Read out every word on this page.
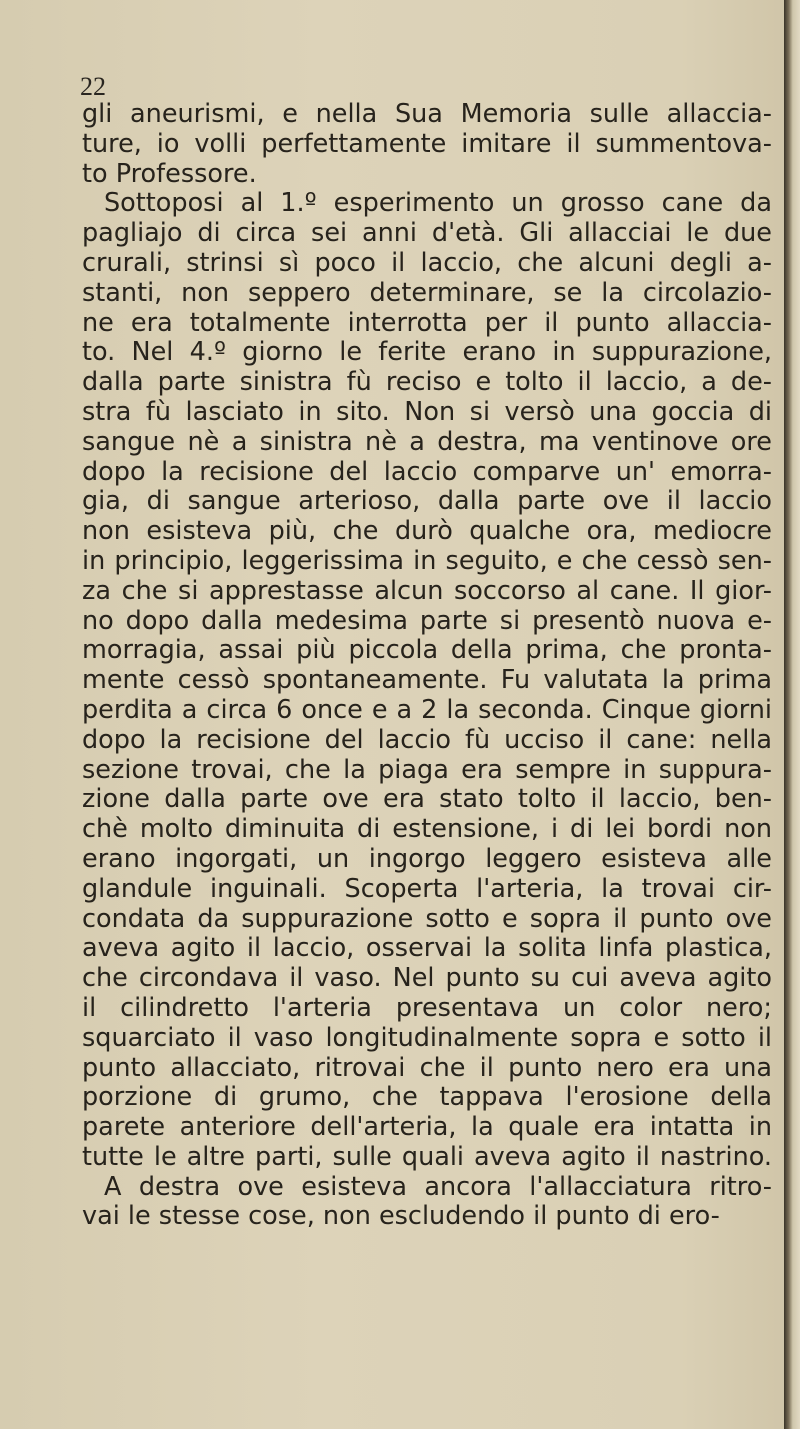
22
gli aneurismi, e nella Sua Memoria sulle allaccia-
ture, io volli perfettamente imitare il summentova-
to Professore.
Sottoposi al 1.º esperimento un grosso cane da
pagliajo di circa sei anni d'età. Gli allacciai le due
crurali, strinsi sì poco il laccio, che alcuni degli a-
stanti, non seppero determinare, se la circolazio-
ne era totalmente interrotta per il punto allaccia-
to. Nel 4.º giorno le ferite erano in suppurazione,
dalla parte sinistra fù reciso e tolto il laccio, a de-
stra fù lasciato in sito. Non si versò una goccia di
sangue nè a sinistra nè a destra, ma ventinove ore
dopo la recisione del laccio comparve un' emorra-
gia, di sangue arterioso, dalla parte ove il laccio
non esisteva più, che durò qualche ora, mediocre
in principio, leggerissima in seguito, e che cessò sen-
za che si apprestasse alcun soccorso al cane. Il gior-
no dopo dalla medesima parte si presentò nuova e-
morragia, assai più piccola della prima, che pronta-
mente cessò spontaneamente. Fu valutata la prima
perdita a circa 6 once e a 2 la seconda. Cinque giorni
dopo la recisione del laccio fù ucciso il cane: nella
sezione trovai, che la piaga era sempre in suppura-
zione dalla parte ove era stato tolto il laccio, ben-
chè molto diminuita di estensione, i di lei bordi non
erano ingorgati, un ingorgo leggero esisteva alle
glandule inguinali. Scoperta l'arteria, la trovai cir-
condata da suppurazione sotto e sopra il punto ove
aveva agito il laccio, osservai la solita linfa plastica,
che circondava il vaso. Nel punto su cui aveva agito
il cilindretto l'arteria presentava un color nero;
squarciato il vaso longitudinalmente sopra e sotto il
punto allacciato, ritrovai che il punto nero era una
porzione di grumo, che tappava l'erosione della
parete anteriore dell'arteria, la quale era intatta in
tutte le altre parti, sulle quali aveva agito il nastrino.
A destra ove esisteva ancora l'allacciatura ritro-
vai le stesse cose, non escludendo il punto di ero-
